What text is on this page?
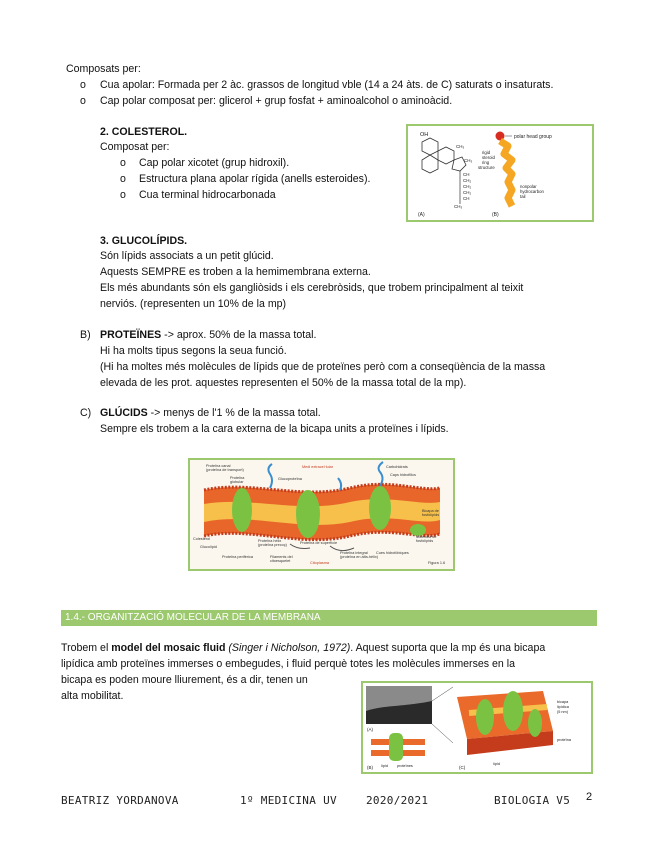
Composats per:
o Cua apolar: Formada per 2 àc. grassos de longitud vble (14 a 24 àts. de C) saturats o insaturats.
o Cap polar composat per: glicerol + grup fosfat + aminoalcohol o aminoàcid.
2. COLESTEROL.
Composat per:
o Cap polar xicotet (grup hidroxil).
o Estructura plana apolar rígida (anells esteroides).
o Cua terminal hidrocarbonada
OH
CH₃
CH₃
CH
CH₂
CH₂
CH₂
CH
CH₃
(A)
polar head group
rigid
steroid
ring
structure
nonpolar
hydrocarbon
tail
(B)
3. GLUCOLÍPIDS.
Són lípids associats a un petit glúcid.
Aquests SEMPRE es troben a la hemimembrana externa.
Els més abundants són els gangliòsids i els cerebròsids, que trobem principalment al teixit
nerviós. (representen un 10% de la mp)
B) PROTEÏNES -> aprox. 50% de la massa total.
Hi ha molts tipus segons la seua funció.
(Hi ha moltes més molècules de lípids que de proteïnes però com a conseqüència de la massa
elevada de les prot. aquestes representen el 50% de la massa total de la mp).
C) GLÚCIDS -> menys de l'1 % de la massa total.
Sempre els trobem a la cara externa de la bicapa units a proteïnes i lípids.
Proteïna canal
(proteïna de transport)
Proteïna
globular
Medi extracel·lular
Glucoproteïna
Carbohidrats
Caps hidrofílics
Bicapa de
fosfolípids
Colesterol
Glucolípid
Proteïna hèlix
(proteïna precoç)	Proteïna de superfície
Proteïna perifèrica	Filaments del
citoesquelet	Citoplasma
Proteïna integral
(proteïna en alfa-hèlix)
Cues hidrofòbiques
Molècula de
fosfolípids
Figura 1.6
1.4.- ORGANITZACIÓ MOLECULAR DE LA MEMBRANA
Trobem el model del mosaic fluid (Singer i Nicholson, 1972). Aquest suporta que la mp és una bicapa
lipídica amb proteïnes immerses o embegudes, i fluid perquè totes les molècules immerses en la
bicapa es poden moure lliurement, és a dir, tenen un
alta mobilitat.
(A)
(B) lípid proteïnes	(C)
bicapa
lipídica
(5 nm)
proteïna
lípid
BEATRIZ YORDANOVA	1º MEDICINA UV	2020/2021	BIOLOGIA V5 2
